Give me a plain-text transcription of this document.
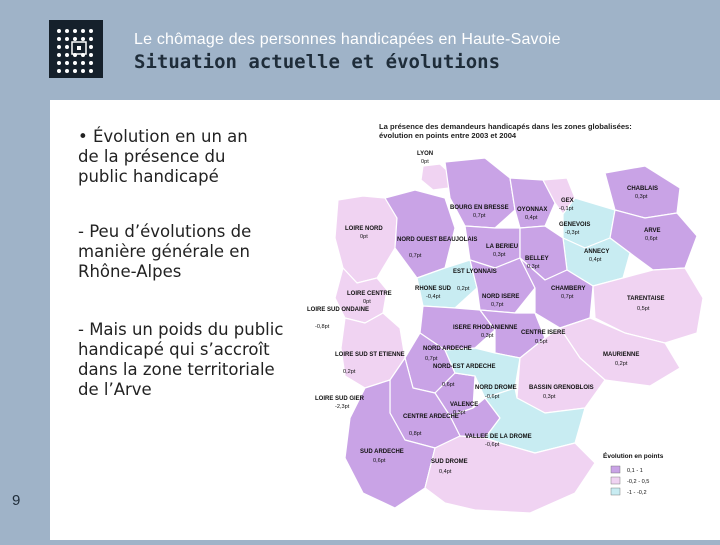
Le chômage des personnes handicapées en Haute-Savoie
Situation actuelle et évolutions
9
• Évolution en un an de la présence du public handicapé
- Peu d’évolutions de manière générale en Rhône-Alpes
- Mais un poids du public handicapé qui s’accroît dans la zone territoriale de l’Arve
La présence des demandeurs handicapés dans les zones globalisées:
évolution en points entre 2003 et 2004
LYON
0pt
BOURG EN BRESSE
0,7pt
OYONNAX
0,4pt
GEX
-0,1pt
CHABLAIS
0,3pt
GENEVOIS
-0,3pt	ARVE
0,6pt
ANNECY
0,4pt
LOIRE NORD
0pt	NORD OUEST BEAUJOLAIS
0,7pt
LA BERIEU
0,3pt
BELLEY
0,3pt
EST LYONNAIS
RHONE SUD
-0,4pt
0,2pt
NORD ISERE
0,7pt
CHAMBERY
0,7pt	TARENTAISE
0,5pt
LOIRE CENTRE
0pt
LOIRE SUD ONDAINE
-0,8pt	ISERE RHODANIENNE
0,3pt	CENTRE ISERE
0,5pt
MAURIENNE
0,2pt
LOIRE SUD ST ETIENNE
0,2pt
NORD ARDECHE
0,7pt
NORD-EST ARDECHE
0,6pt	NORD DROME
-0,6pt
BASSIN GRENOBLOIS
0,3pt
LOIRE SUD GIER
-2,3pt	VALENCE
0,3pt
CENTRE ARDECHE
0,8pt	VALLEE DE LA DROME
-0,6pt
SUD ARDECHE
0,6pt	SUD DROME
0,4pt
Évolution en points
0,1 - 1
-0,2 - 0,5
-1 - -0,2
